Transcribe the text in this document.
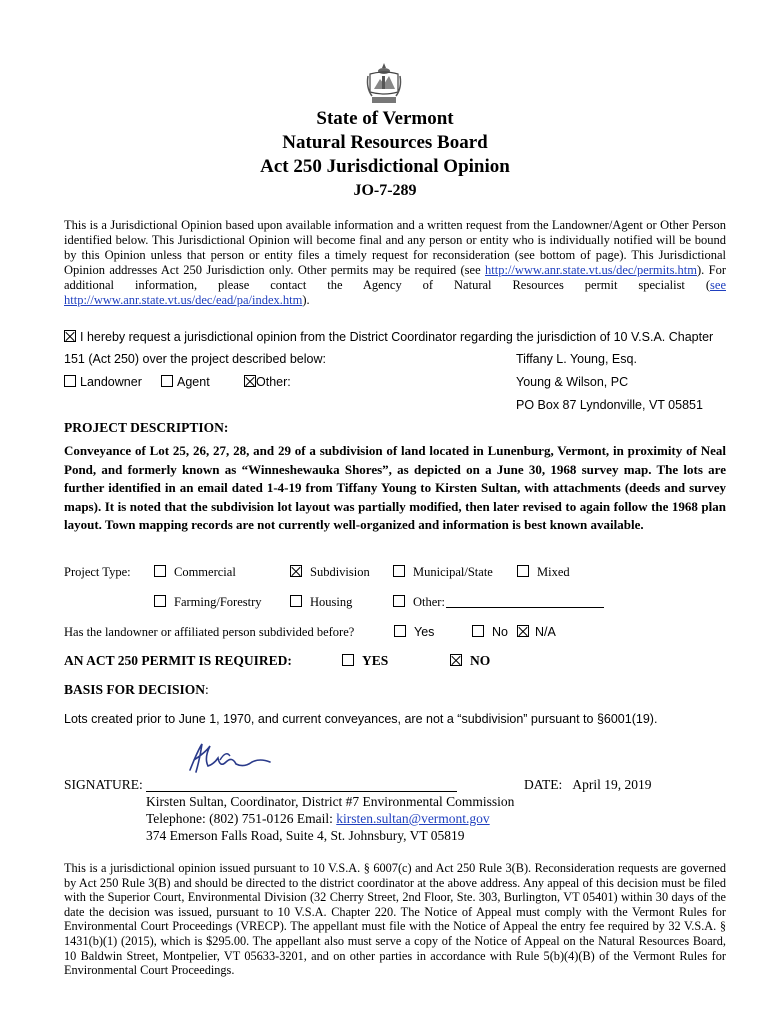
State of Vermont
Natural Resources Board
Act 250 Jurisdictional Opinion
JO-7-289
This is a Jurisdictional Opinion based upon available information and a written request from the Landowner/Agent or Other Person identified below. This Jurisdictional Opinion will become final and any person or entity who is individually notified will be bound by this Opinion unless that person or entity files a timely request for reconsideration (see bottom of page). This Jurisdictional Opinion addresses Act 250 Jurisdiction only. Other permits may be required (see http://www.anr.state.vt.us/dec/permits.htm). For additional information, please contact the Agency of Natural Resources permit specialist (see http://www.anr.state.vt.us/dec/ead/pa/index.htm).
I hereby request a jurisdictional opinion from the District Coordinator regarding the jurisdiction of 10 V.S.A. Chapter
151 (Act 250) over the project described below:
Landowner	Agent	Other:
Tiffany L. Young, Esq.
Young & Wilson, PC
PO Box 87 Lyndonville, VT 05851
PROJECT DESCRIPTION:
Conveyance of Lot 25, 26, 27, 28, and 29 of a subdivision of land located in Lunenburg, Vermont, in proximity of Neal Pond, and formerly known as “Winneshewauka Shores”, as depicted on a June 30, 1968 survey map. The lots are further identified in an email dated 1-4-19 from Tiffany Young to Kirsten Sultan, with attachments (deeds and survey maps). It is noted that the subdivision lot layout was partially modified, then later revised to again follow the 1968 plan layout. Town mapping records are not currently well-organized and information is best known available.
Project Type:	Commercial	Subdivision	Municipal/State	Mixed
Farming/Forestry	Housing	Other:
Has the landowner or affiliated person subdivided before?	Yes	No	N/A
AN ACT 250 PERMIT IS REQUIRED:	YES	NO
BASIS FOR DECISION:
Lots created prior to June 1, 1970, and current conveyances, are not a “subdivision” pursuant to §6001(19).
SIGNATURE:	DATE: April 19, 2019
Kirsten Sultan, Coordinator, District #7 Environmental Commission
Telephone: (802) 751-0126 Email: kirsten.sultan@vermont.gov
374 Emerson Falls Road, Suite 4, St. Johnsbury, VT 05819
This is a jurisdictional opinion issued pursuant to 10 V.S.A. § 6007(c) and Act 250 Rule 3(B). Reconsideration requests are governed by Act 250 Rule 3(B) and should be directed to the district coordinator at the above address. Any appeal of this decision must be filed with the Superior Court, Environmental Division (32 Cherry Street, 2nd Floor, Ste. 303, Burlington, VT 05401) within 30 days of the date the decision was issued, pursuant to 10 V.S.A. Chapter 220. The Notice of Appeal must comply with the Vermont Rules for Environmental Court Proceedings (VRECP). The appellant must file with the Notice of Appeal the entry fee required by 32 V.S.A. § 1431(b)(1) (2015), which is $295.00. The appellant also must serve a copy of the Notice of Appeal on the Natural Resources Board, 10 Baldwin Street, Montpelier, VT 05633-3201, and on other parties in accordance with Rule 5(b)(4)(B) of the Vermont Rules for Environmental Court Proceedings.
